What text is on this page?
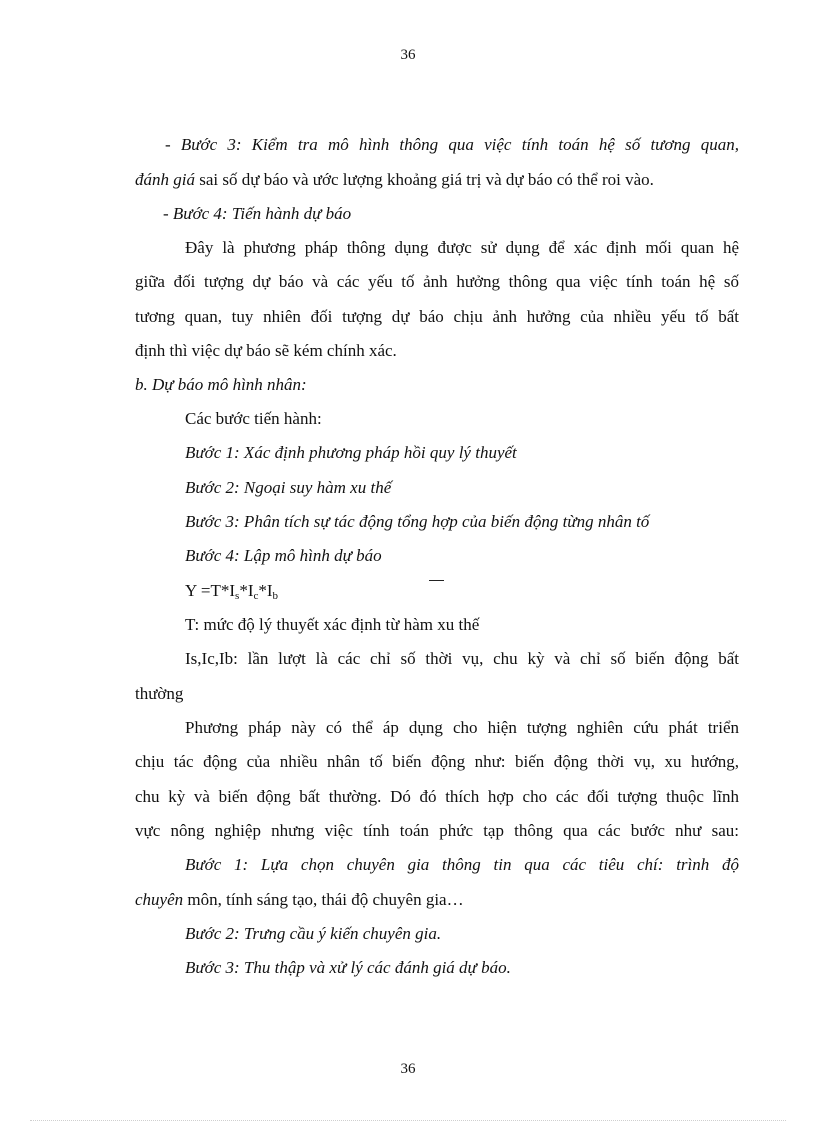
36
- Bước 3: Kiểm tra mô hình thông qua việc tính toán hệ số tương quan,
đánh giá sai số dự báo và ước lượng khoảng giá trị và dự báo có thể roi vào.
- Bước 4: Tiến hành dự báo
Đây là phương pháp thông dụng được sử dụng để xác định mối quan hệ
giữa đối tượng dự báo và các yếu tố ảnh hưởng thông qua việc tính toán hệ số
tương quan, tuy nhiên đối tượng dự báo chịu ảnh hưởng của nhiều yếu tố bất
định thì việc dự báo sẽ kém chính xác.
b. Dự báo mô hình nhân:
Các bước tiến hành:
Bước 1: Xác định phương pháp hồi quy lý thuyết
Bước 2: Ngoại suy hàm xu thế
Bước 3: Phân tích sự tác động tổng hợp của biến động từng nhân tố
Bước 4: Lập mô hình dự báo
$Y =T*I_s*I_c*I_b$
T: mức độ lý thuyết xác định từ hàm xu thế
Is,Ic,Ib: lần lượt là các chỉ số thời vụ, chu kỳ và chỉ số biến động bất
thường
Phương pháp này có thể áp dụng cho hiện tượng nghiên cứu phát triển
chịu tác động của nhiều nhân tố biến động như: biến động thời vụ, xu hướng,
chu kỳ và biến động bất thường. Dó đó thích hợp cho các đối tượng thuộc lĩnh
vực nông nghiệp nhưng việc tính toán phức tạp thông qua các bước như sau:
Bước 1: Lựa chọn chuyên gia thông tin qua các tiêu chí: trình độ
chuyên môn, tính sáng tạo, thái độ chuyên gia…
Bước 2: Trưng cầu ý kiến chuyên gia.
Bước 3: Thu thập và xử lý các đánh giá dự báo.
36
